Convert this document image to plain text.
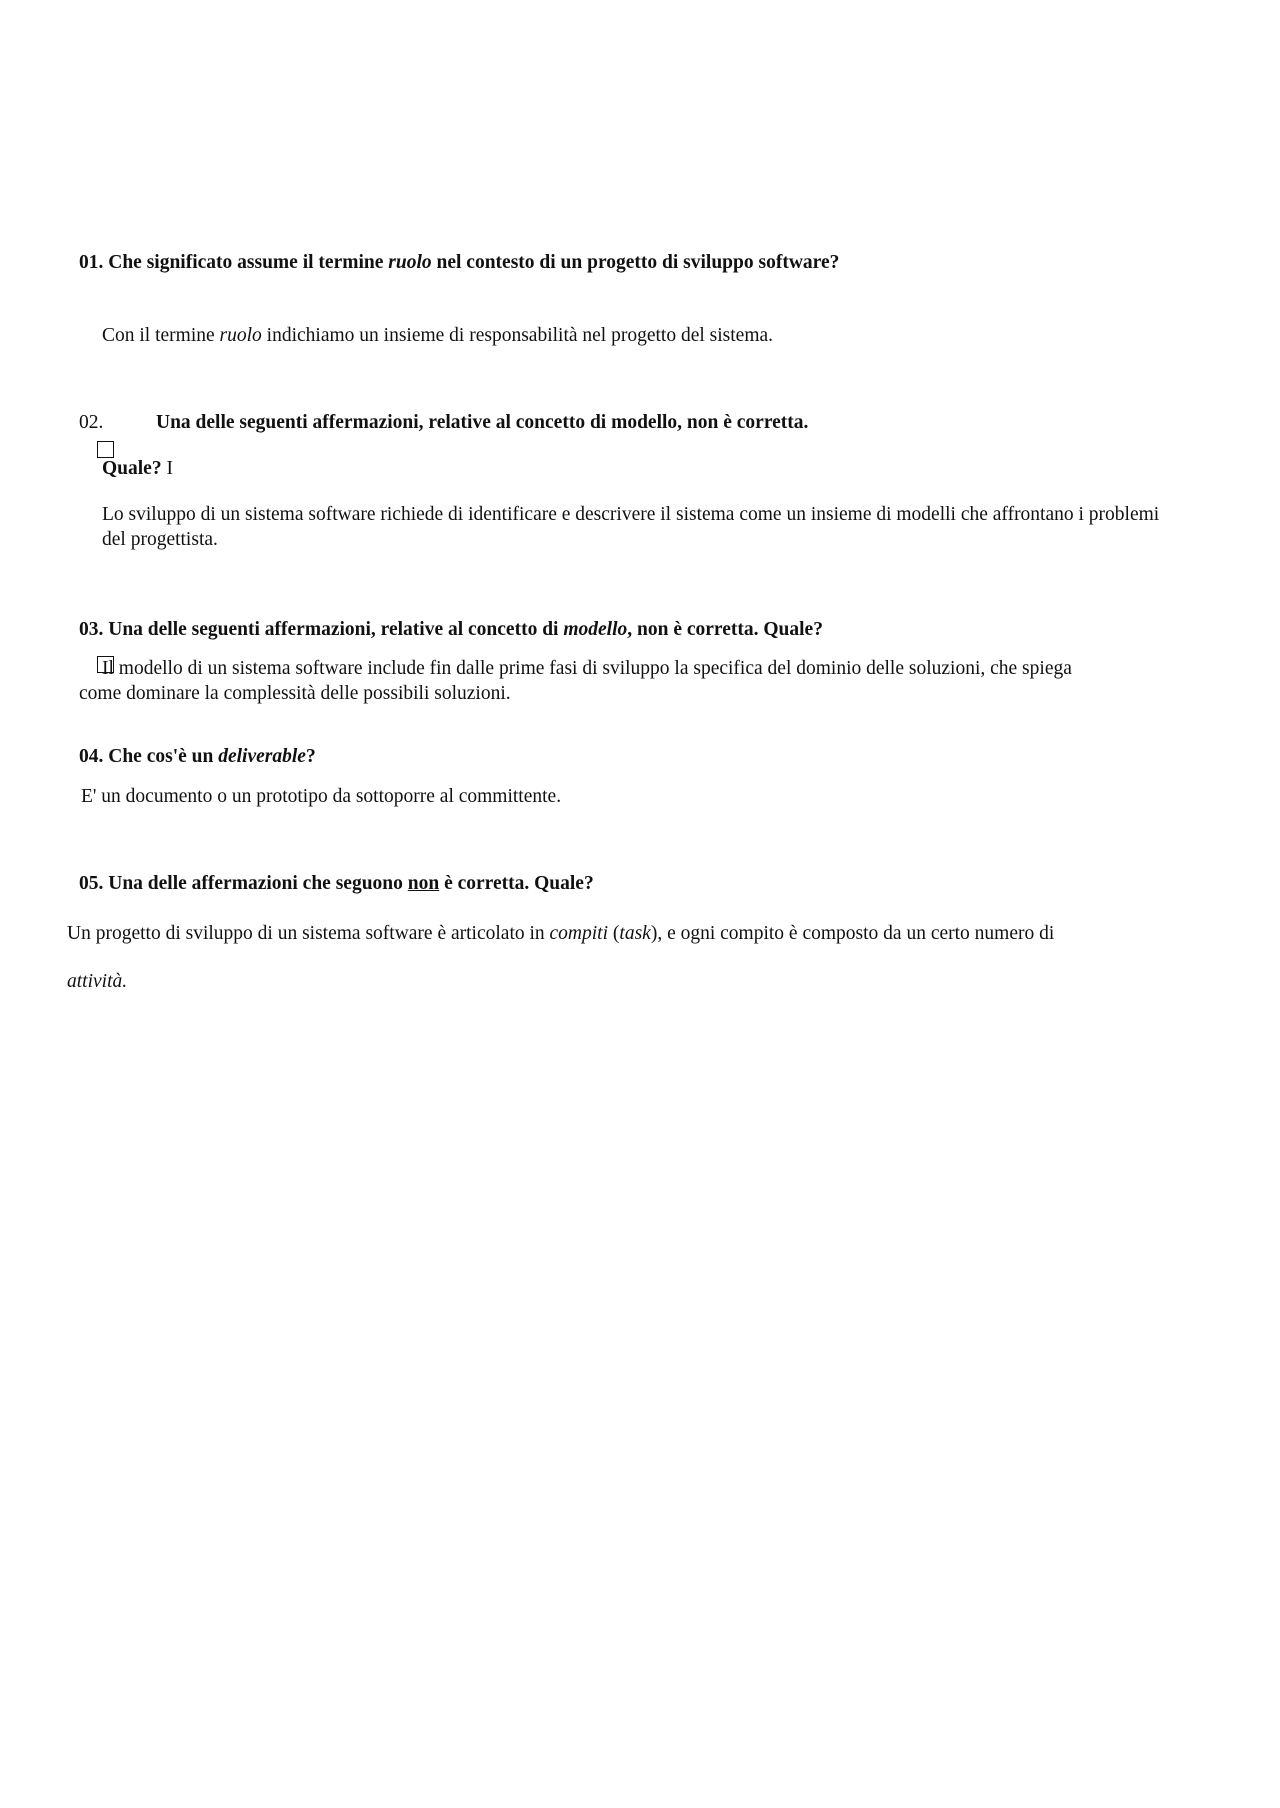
01. Che significato assume il termine ruolo nel contesto di un progetto di sviluppo software?
Con il termine ruolo indichiamo un insieme di responsabilità nel progetto del sistema.
02.	Una delle seguenti affermazioni, relative al concetto di modello, non è corretta.
Quale? I
Lo sviluppo di un sistema software richiede di identificare e descrivere il sistema come un insieme di modelli che affrontano i problemi
del progettista.
03. Una delle seguenti affermazioni, relative al concetto di modello, non è corretta. Quale?
Il modello di un sistema software include fin dalle prime fasi di sviluppo la specifica del dominio delle soluzioni, che spiega
come dominare la complessità delle possibili soluzioni.
04. Che cos'è un deliverable?
E' un documento o un prototipo da sottoporre al committente.
05. Una delle affermazioni che seguono non è corretta. Quale?
Un progetto di sviluppo di un sistema software è articolato in compiti (task), e ogni compito è composto da un certo numero di
attività.
